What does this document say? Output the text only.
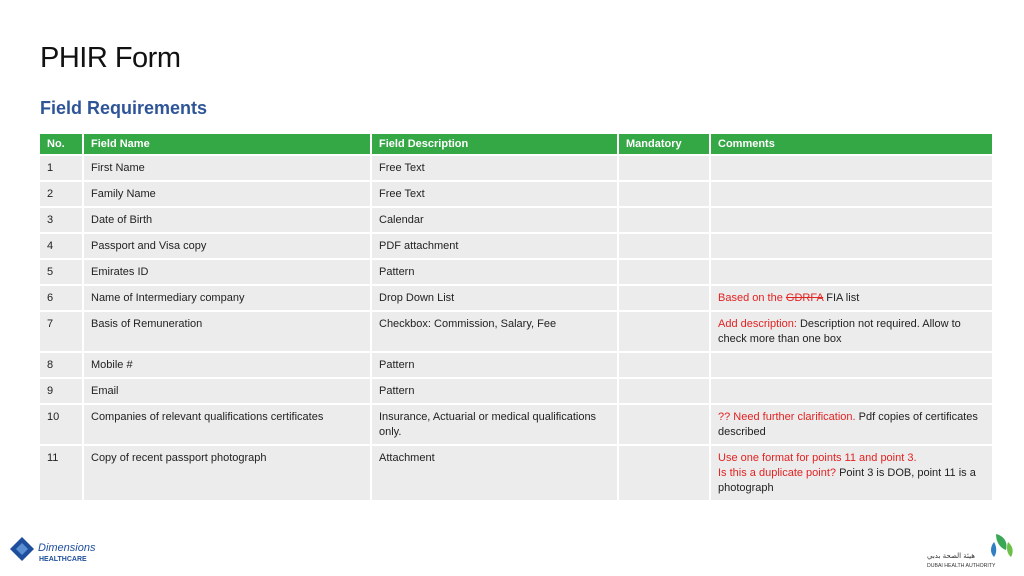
PHIR Form
Field Requirements
No.	Field Name	Field Description	Mandatory	Comments
1	First Name	Free Text		
2	Family Name	Free Text		
3	Date of Birth	Calendar		
4	Passport and Visa copy	PDF attachment		
5	Emirates ID	Pattern		
6	Name of Intermediary company	Drop Down List		Based on the GDRFA FIA list
7	Basis of Remuneration	Checkbox: Commission, Salary, Fee		Add description: Description not required. Allow to check more than one box
8	Mobile #	Pattern		
9	Email	Pattern		
10	Companies of relevant qualifications certificates	Insurance, Actuarial or medical qualifications only.		?? Need further clarification. Pdf copies of certificates described
11	Copy of recent passport photograph	Attachment		Use one format for points 11 and point 3.
Is this a duplicate point? Point 3 is DOB, point 11 is a photograph
Dimensions
HEALTHCARE	هيئة الصحة بدبي
DUBAI HEALTH AUTHORITY
